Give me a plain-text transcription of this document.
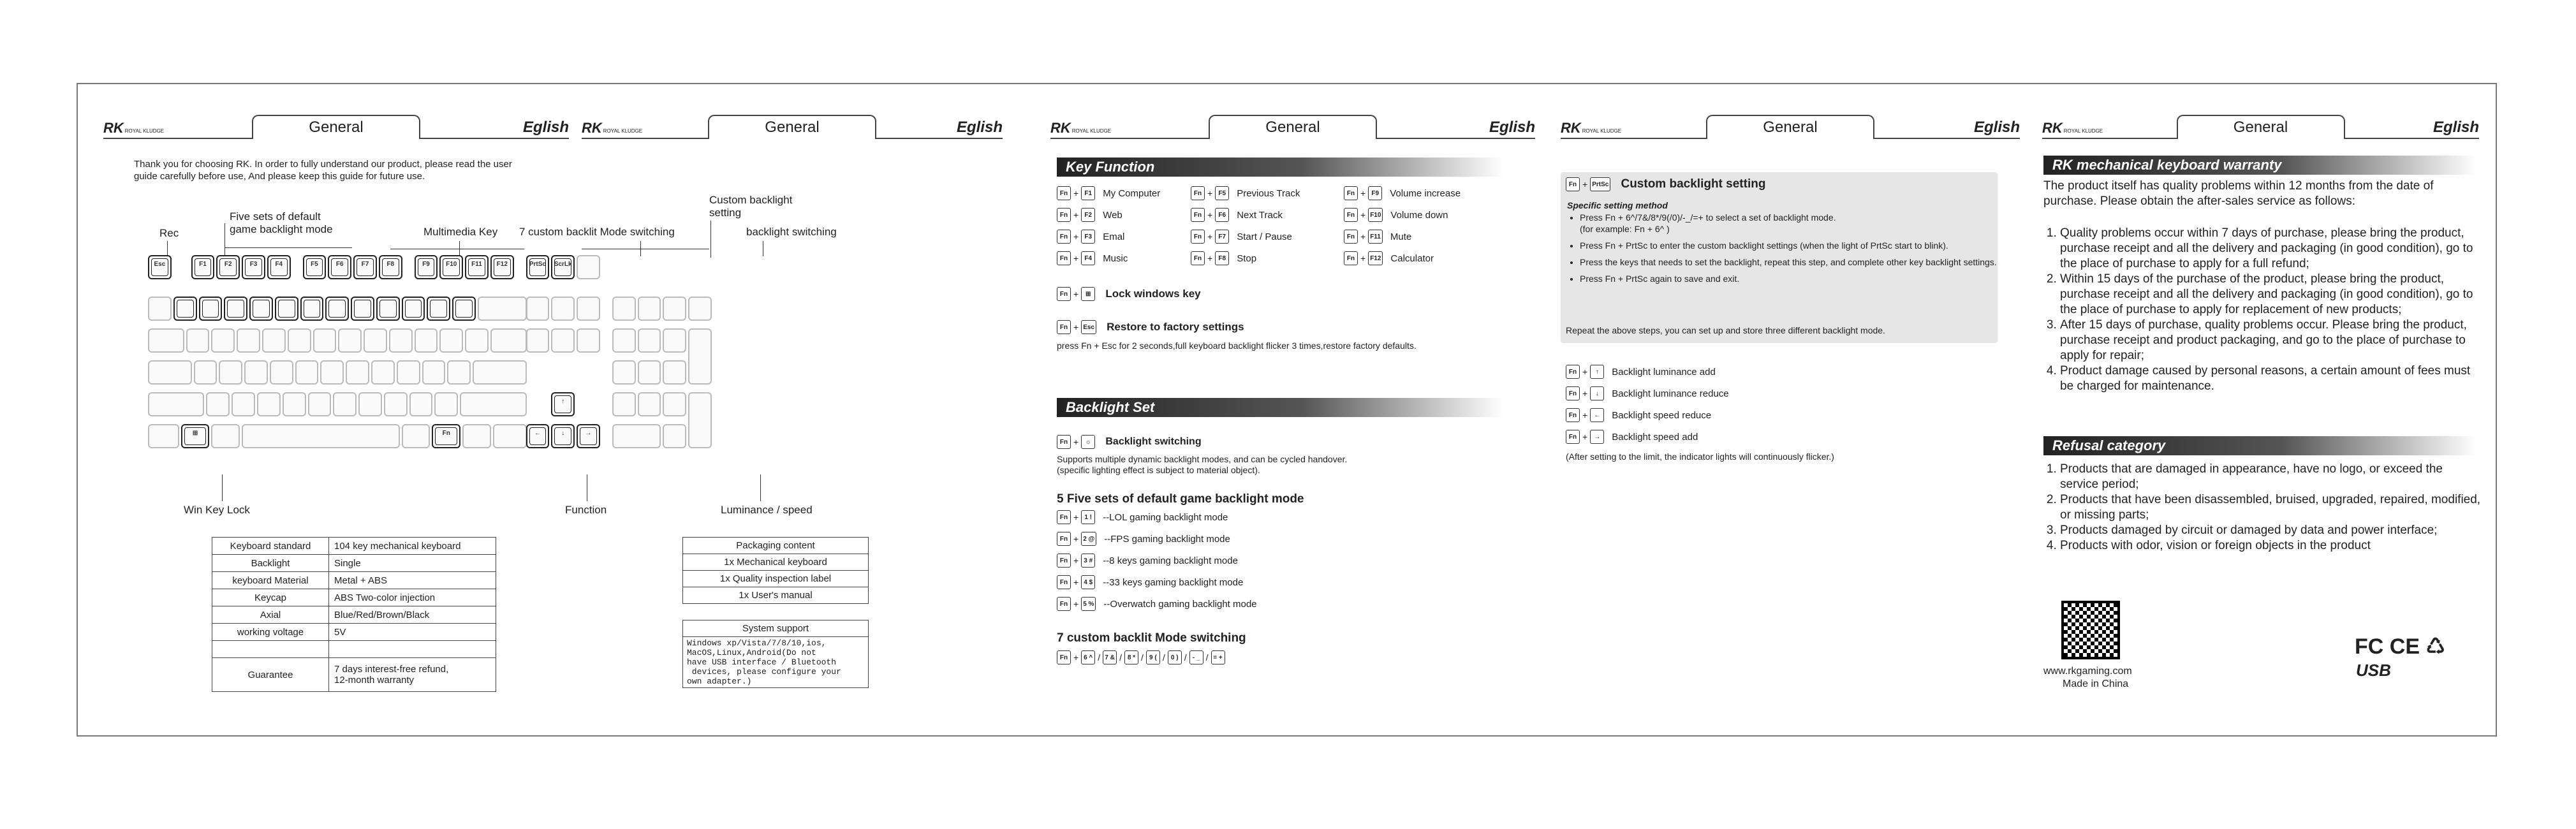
RK ROYAL KLUDGE	General	Eglish RK ROYAL KLUDGE	General	Eglish
Thank you for choosing RK. In order to fully understand our product, please read the user guide carefully before use, And please keep this guide for future use.
Rec
Five sets of default
game backlight mode	Multimedia Key 7 custom backlit Mode switching
Custom backlight
setting
backlight switching
Win Key Lock	Function	Luminance / speed
Esc	F1	F2	F3	F4	F5	F6	F7	F8	F9	F10	F11	F12	PrtSc	ScrLk
↑
⊞	Fn	←	↓	→
Keyboard standard	104 key mechanical keyboard
Backlight	Single
keyboard Material	Metal + ABS
Keycap	ABS Two-color injection
Axial	Blue/Red/Brown/Black
working voltage	5V

Guarantee	7 days interest-free refund,
12-month warranty
Packaging content
1x Mechanical keyboard
1x Quality inspection label
1x User's manual
System support
Windows xp/Vista/7/8/10,ios,
MacOS,Linux,Android(Do not
have USB interface / Bluetooth
devices, please configure your
own adapter.)
RK ROYAL KLUDGE	General	Eglish
Key Function
Fn + F1 My Computer	Fn + F5 Previous Track	Fn + F9 Volume increase
Fn + F2 Web	Fn + F6 Next Track	Fn + F10 Volume down
Fn + F3 Emal	Fn + F7 Start / Pause	Fn + F11 Mute
Fn + F4 Music	Fn + F8 Stop	Fn + F12 Calculator
Fn + ⊞ Lock windows key
Fn + Esc Restore to factory settings
press Fn + Esc for 2 seconds,full keyboard backlight flicker 3 times,restore factory defaults.
Backlight Set
Fn + ☼ Backlight switching
Supports multiple dynamic backlight modes, and can be cycled handover.
(specific lighting effect is subject to material object).
5 Five sets of default game backlight mode
Fn + 1 ! --LOL gaming backlight mode
Fn + 2 @ --FPS gaming backlight mode
Fn + 3 # --8 keys gaming backlight mode
Fn + 4 $ --33 keys gaming backlight mode
Fn + 5 % --Overwatch gaming backlight mode
7 custom backlit Mode switching
Fn + 6 ^ / 7 & / 8 * / 9 ( / 0 ) / - _ / = +
RK ROYAL KLUDGE	General	Eglish
Fn + PrtSc Custom backlight setting
Specific setting method
• Press Fn + 6^/7&/8*/9(/0)/-_/=+ to select a set of backlight mode.
(for example: Fn + 6^ )
• Press Fn + PrtSc to enter the custom backlight settings (when the light of PrtSc start to blink).
• Press the keys that needs to set the backlight, repeat this step, and complete other key backlight settings.
• Press Fn + PrtSc again to save and exit.
Repeat the above steps, you can set up and store three different backlight mode.
Fn + ↑ Backlight luminance add
Fn + ↓ Backlight luminance reduce
Fn + ← Backlight speed reduce
Fn + → Backlight speed add
(After setting to the limit, the indicator lights will continuously flicker.)
RK ROYAL KLUDGE	General	Eglish
RK mechanical keyboard warranty
The product itself has quality problems within 12 months from the date of purchase. Please obtain the after-sales service as follows:
1. Quality problems occur within 7 days of purchase, please bring the product, purchase receipt and all the delivery and packaging (in good condition), go to the place of purchase to apply for a full refund;
2. Within 15 days of the purchase of the product, please bring the product, purchase receipt and all the delivery and packaging (in good condition), go to the place of purchase to apply for replacement of new products;
3. After 15 days of purchase, quality problems occur. Please bring the product, purchase receipt and product packaging, and go to the place of purchase to apply for repair;
4. Product damage caused by personal reasons, a certain amount of fees must be charged for maintenance.
Refusal category
1. Products that are damaged in appearance, have no logo, or exceed the service period;
2. Products that have been disassembled, bruised, upgraded, repaired, modified, or missing parts;
3. Products damaged by circuit or damaged by data and power interface;
4. Products with odor, vision or foreign objects in the product
www.rkgaming.com
Made in China
FC CE ♺
USB
